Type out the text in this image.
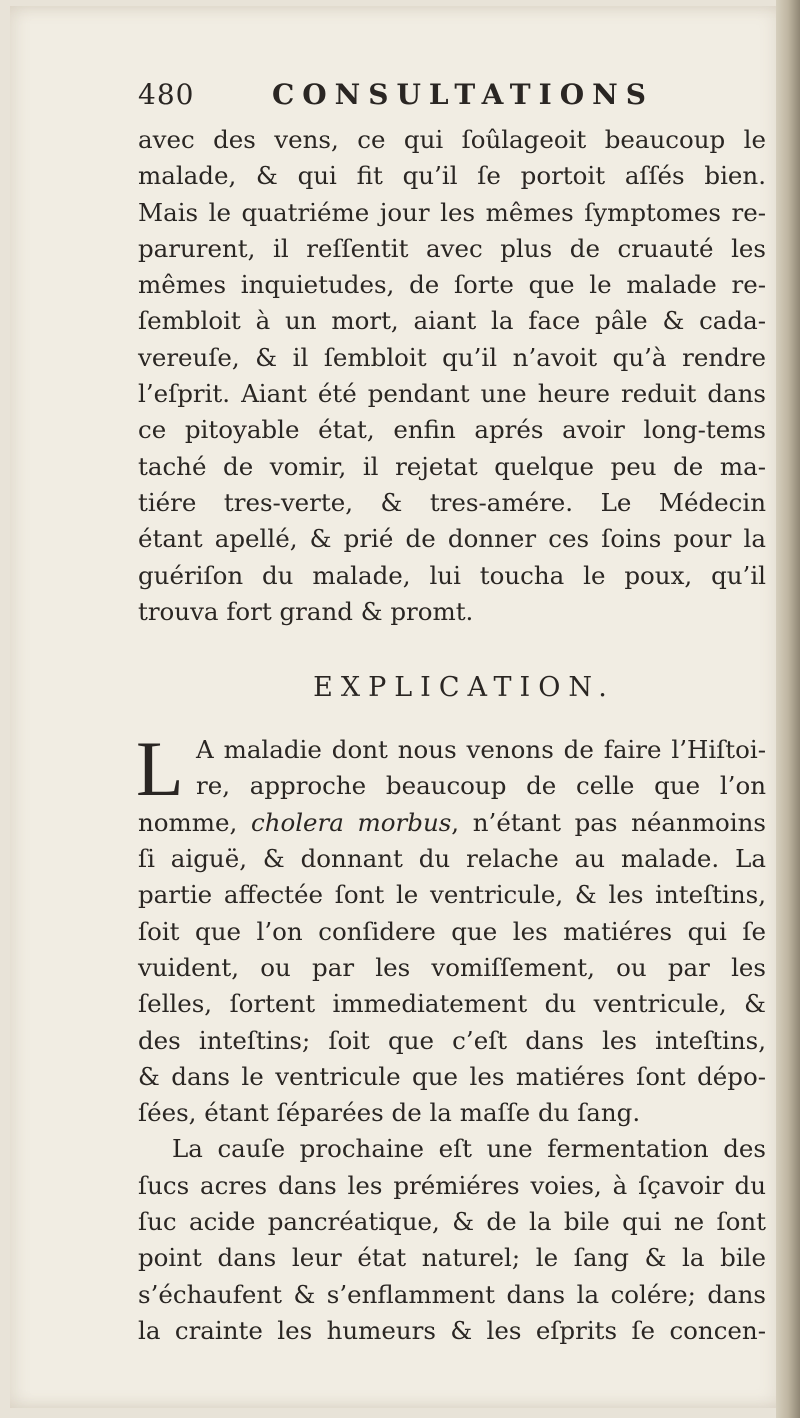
480	CONSULTATIONS
avec des vens, ce qui ſoûlageoit beaucoup le
malade, & qui fit qu’il ſe portoit aſſés bien.
Mais le quatriéme jour les mêmes ſymptomes re-
parurent, il reſſentit avec plus de cruauté les
mêmes inquietudes, de ſorte que le malade re-
ſembloit à un mort, aiant la face pâle & cada-
vereuſe, & il ſembloit qu’il n’avoit qu’à rendre
l’eſprit. Aiant été pendant une heure reduit dans
ce pitoyable état, enfin aprés avoir long-tems
taché de vomir, il rejetat quelque peu de ma-
tiére tres-verte, & tres-amére. Le Médecin
étant apellé, & prié de donner ces ſoins pour la
guériſon du malade, lui toucha le poux, qu’il
trouva fort grand & promt.
EXPLICATION.
L A maladie dont nous venons de faire l’Hiſtoi-
re, approche beaucoup de celle que l’on
nomme, cholera morbus, n’étant pas néanmoins
ſi aiguë, & donnant du relache au malade. La
partie affectée ſont le ventricule, & les inteſtins,
ſoit que l’on conſidere que les matiéres qui ſe
vuident, ou par les vomiſſement, ou par les
ſelles, ſortent immediatement du ventricule, &
des inteſtins; ſoit que c’eſt dans les inteſtins,
& dans le ventricule que les matiéres ſont dépo-
ſées, étant ſéparées de la maſſe du ſang.
La cauſe prochaine eſt une fermentation des
ſucs acres dans les prémiéres voies, à ſçavoir du
ſuc acide pancréatique, & de la bile qui ne ſont
point dans leur état naturel; le ſang & la bile
s’échaufent & s’enflamment dans la colére; dans
la crainte les humeurs & les eſprits ſe concen-
